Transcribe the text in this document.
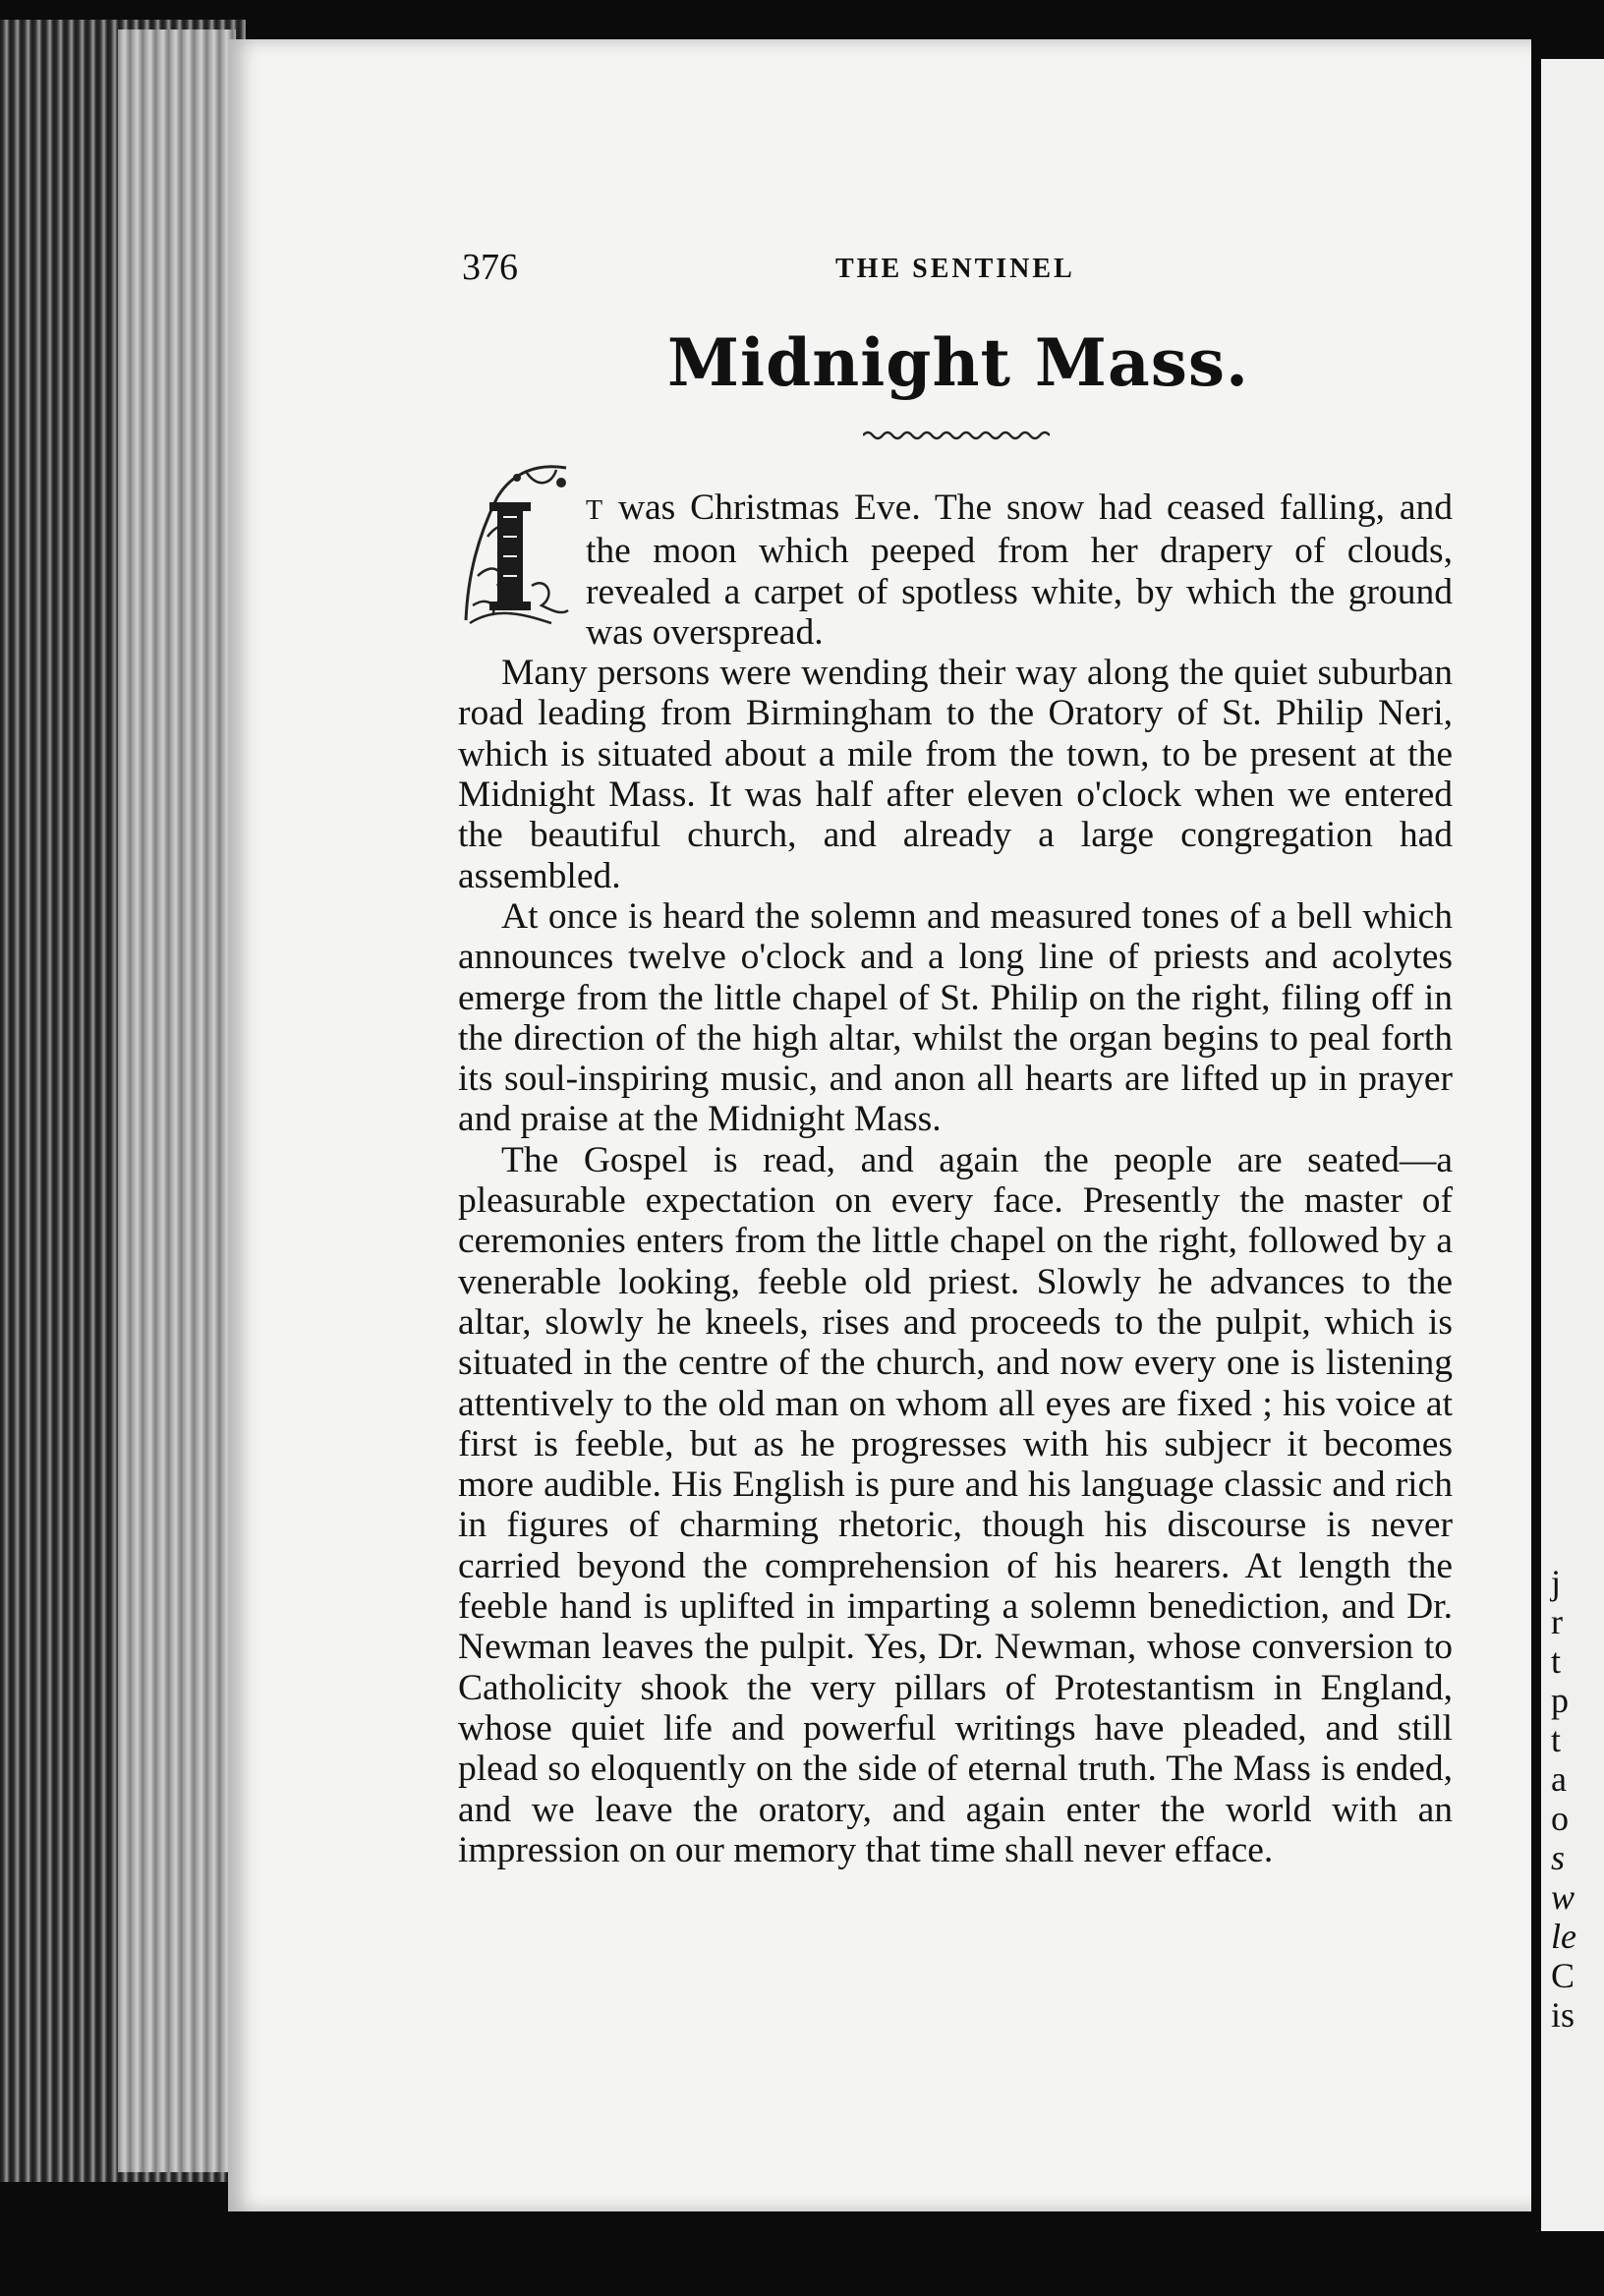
j
r
t
p
t
a
o
s
w
le
C
is
376	THE SENTINEL
Midnight Mass.

T was Christmas Eve. The snow had ceased falling, and the moon which peeped from her drapery of clouds, revealed a carpet of spotless white, by which the ground was overspread.

Many persons were wending their way along the quiet suburban road leading from Birmingham to the Oratory of St. Philip Neri, which is situated about a mile from the town, to be present at the Midnight Mass. It was half after eleven o'clock when we entered the beautiful church, and already a large congregation had assembled.

At once is heard the solemn and measured tones of a bell which announces twelve o'clock and a long line of priests and acolytes emerge from the little chapel of St. Philip on the right, filing off in the direction of the high altar, whilst the organ begins to peal forth its soul-inspiring music, and anon all hearts are lifted up in prayer and praise at the Midnight Mass.

The Gospel is read, and again the people are seated—a pleasurable expectation on every face. Presently the master of ceremonies enters from the little chapel on the right, followed by a venerable looking, feeble old priest. Slowly he advances to the altar, slowly he kneels, rises and proceeds to the pulpit, which is situated in the centre of the church, and now every one is listening attentively to the old man on whom all eyes are fixed ; his voice at first is feeble, but as he progresses with his subjecr it becomes more audible. His English is pure and his language classic and rich in figures of charming rhetoric, though his discourse is never carried beyond the comprehension of his hearers. At length the feeble hand is uplifted in imparting a solemn benediction, and Dr. Newman leaves the pulpit. Yes, Dr. Newman, whose conversion to Catholicity shook the very pillars of Protestantism in England, whose quiet life and powerful writings have pleaded, and still plead so eloquently on the side of eternal truth. The Mass is ended, and we leave the oratory, and again enter the world with an impression on our memory that time shall never efface.
